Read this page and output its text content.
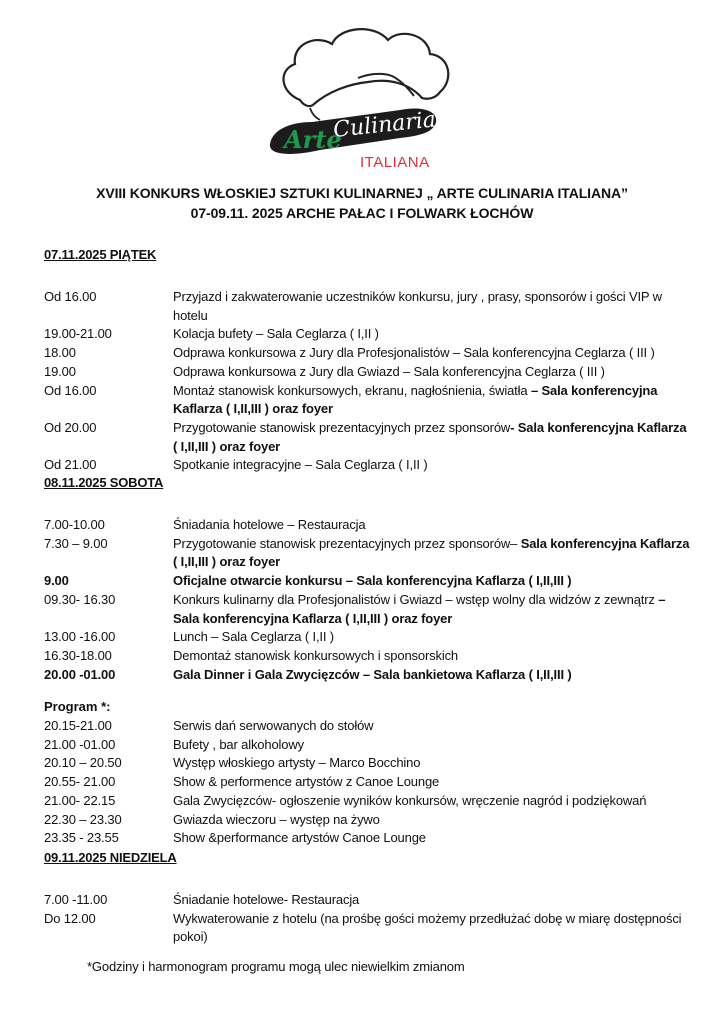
Arte
Culinaria
ITALIANA
XVIII KONKURS WŁOSKIEJ SZTUKI KULINARNEJ „ ARTE CULINARIA ITALIANA”
07-09.11. 2025 ARCHE PAŁAC I FOLWARK ŁOCHÓW
07.11.2025 PIĄTEK
Od 16.00	Przyjazd i zakwaterowanie uczestników konkursu, jury , prasy, sponsorów i gości VIP w hotelu
19.00-21.00	Kolacja bufety – Sala Ceglarza ( I,II )
18.00	Odprawa konkursowa z Jury dla Profesjonalistów – Sala konferencyjna Ceglarza ( III )
19.00	Odprawa konkursowa z Jury dla Gwiazd – Sala konferencyjna Ceglarza ( III )
Od 16.00	Montaż stanowisk konkursowych, ekranu, nagłośnienia, światła – Sala konferencyjna Kaflarza ( I,II,III ) oraz foyer
Od 20.00	Przygotowanie stanowisk prezentacyjnych przez sponsorów- Sala konferencyjna Kaflarza ( I,II,III ) oraz foyer
Od 21.00	Spotkanie integracyjne – Sala Ceglarza ( I,II )
08.11.2025 SOBOTA
7.00-10.00	Śniadania hotelowe – Restauracja
7.30 – 9.00	Przygotowanie stanowisk prezentacyjnych przez sponsorów– Sala konferencyjna Kaflarza ( I,II,III ) oraz foyer
9.00	Oficjalne otwarcie konkursu – Sala konferencyjna Kaflarza ( I,II,III )
09.30- 16.30	Konkurs kulinarny dla Profesjonalistów i Gwiazd – wstęp wolny dla widzów z zewnątrz – Sala konferencyjna Kaflarza ( I,II,III ) oraz foyer
13.00 -16.00	Lunch – Sala Ceglarza ( I,II )
16.30-18.00	Demontaż stanowisk konkursowych i sponsorskich
20.00 -01.00	Gala Dinner i Gala Zwycięzców – Sala bankietowa Kaflarza ( I,II,III )
Program *:
20.15-21.00	Serwis dań serwowanych do stołów
21.00 -01.00	Bufety , bar alkoholowy
20.10 – 20.50	Występ włoskiego artysty – Marco Bocchino
20.55- 21.00	Show & performence artystów z Canoe Lounge
21.00- 22.15	Gala Zwycięzców- ogłoszenie wyników konkursów, wręczenie nagród i podziękowań
22.30 – 23.30	Gwiazda wieczoru – występ na żywo
23.35 - 23.55	Show &performance artystów Canoe Lounge
09.11.2025 NIEDZIELA
7.00 -11.00	Śniadanie hotelowe- Restauracja
Do 12.00	Wykwaterowanie z hotelu (na prośbę gości możemy przedłużać dobę w miarę dostępności pokoi)
*Godziny i harmonogram programu mogą ulec niewielkim zmianom
